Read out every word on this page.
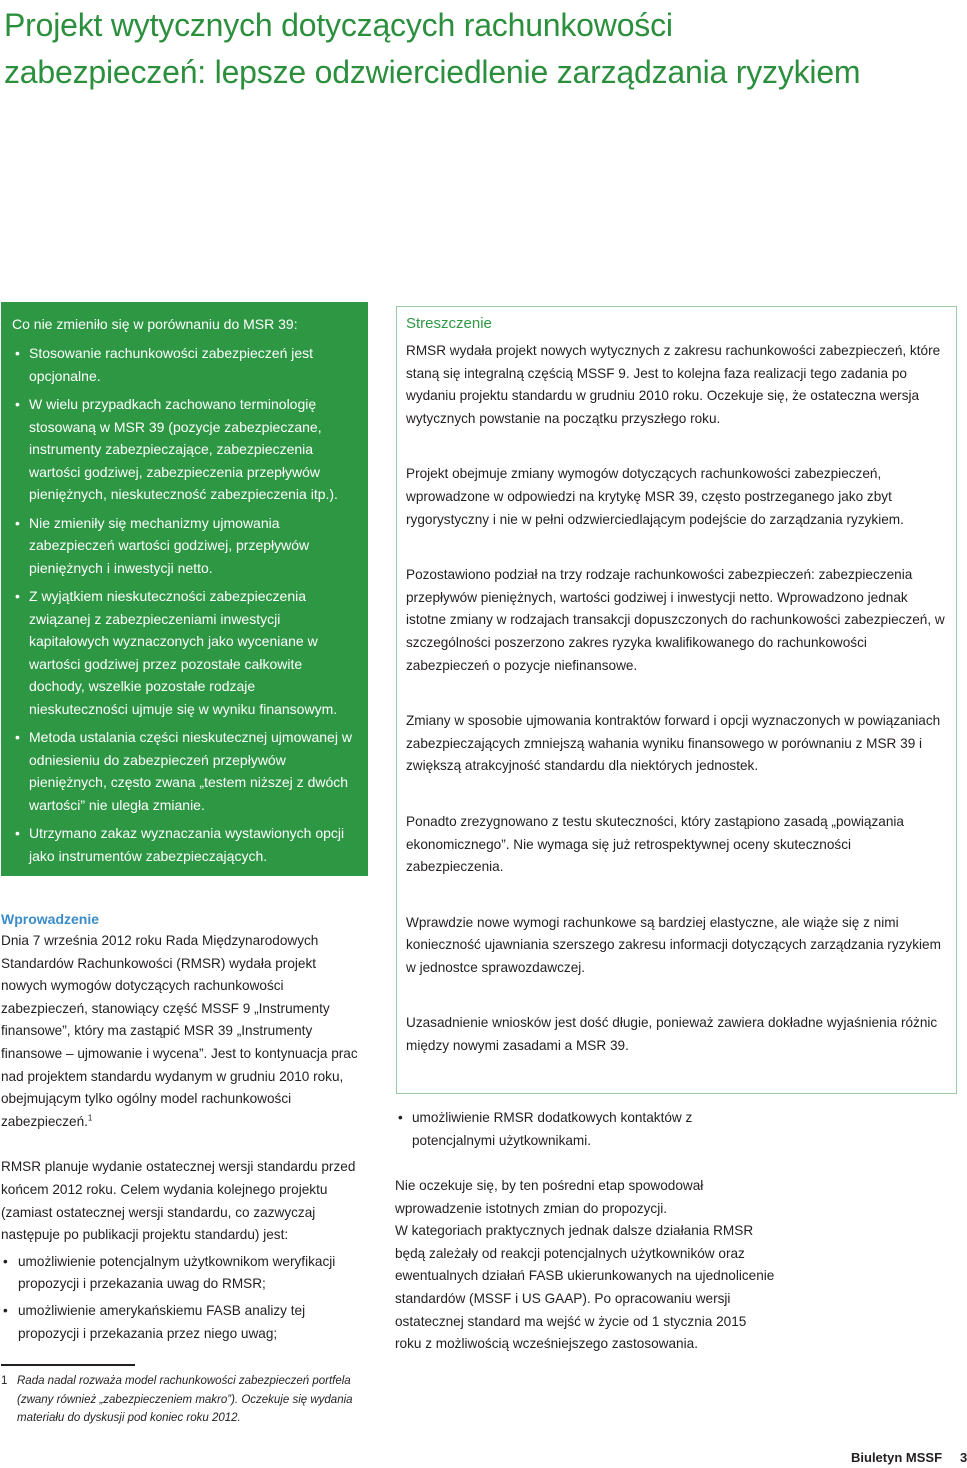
Projekt wytycznych dotyczących rachunkowości
zabezpieczeń: lepsze odzwierciedlenie zarządzania ryzykiem
Co nie zmieniło się w porównaniu do MSR 39:
• Stosowanie rachunkowości zabezpieczeń jest opcjonalne.
• W wielu przypadkach zachowano terminologię stosowaną w MSR 39 (pozycje zabezpieczane, instrumenty zabezpieczające, zabezpieczenia wartości godziwej, zabezpieczenia przepływów pieniężnych, nieskuteczność zabezpieczenia itp.).
• Nie zmieniły się mechanizmy ujmowania zabezpieczeń wartości godziwej, przepływów pieniężnych i inwestycji netto.
• Z wyjątkiem nieskuteczności zabezpieczenia związanej z zabezpieczeniami inwestycji kapitałowych wyznaczonych jako wyceniane w wartości godziwej przez pozostałe całkowite dochody, wszelkie pozostałe rodzaje nieskuteczności ujmuje się w wyniku finansowym.
• Metoda ustalania części nieskutecznej ujmowanej w odniesieniu do zabezpieczeń przepływów pieniężnych, często zwana „testem niższej z dwóch wartości” nie uległa zmianie.
• Utrzymano zakaz wyznaczania wystawionych opcji jako instrumentów zabezpieczających.

Wprowadzenie

Dnia 7 września 2012 roku Rada Międzynarodowych Standardów Rachunkowości (RMSR) wydała projekt nowych wymogów dotyczących rachunkowości zabezpieczeń, stanowiący część MSSF 9 „Instrumenty finansowe”, który ma zastąpić MSR 39 „Instrumenty finansowe – ujmowanie i wycena”. Jest to kontynuacja prac nad projektem standardu wydanym w grudniu 2010 roku, obejmującym tylko ogólny model rachunkowości zabezpieczeń.$^1$

RMSR planuje wydanie ostatecznej wersji standardu przed końcem 2012 roku. Celem wydania kolejnego projektu (zamiast ostatecznej wersji standardu, co zazwyczaj następuje po publikacji projektu standardu) jest:

• umożliwienie potencjalnym użytkownikom weryfikacji propozycji i przekazania uwag do RMSR;
• umożliwienie amerykańskiemu FASB analizy tej propozycji i przekazania przez niego uwag;
1 Rada nadal rozważa model rachunkowości zabezpieczeń portfela (zwany również „zabezpieczeniem makro”). Oczekuje się wydania materiału do dyskusji pod koniec roku 2012.

Streszczenie

RMSR wydała projekt nowych wytycznych z zakresu rachunkowości zabezpieczeń, które staną się integralną częścią MSSF 9. Jest to kolejna faza realizacji tego zadania po wydaniu projektu standardu w grudniu 2010 roku. Oczekuje się, że ostateczna wersja wytycznych powstanie na początku przyszłego roku.

Projekt obejmuje zmiany wymogów dotyczących rachunkowości zabezpieczeń, wprowadzone w odpowiedzi na krytykę MSR 39, często postrzeganego jako zbyt rygorystyczny i nie w pełni odzwierciedlającym podejście do zarządzania ryzykiem.

Pozostawiono podział na trzy rodzaje rachunkowości zabezpieczeń: zabezpieczenia przepływów pieniężnych, wartości godziwej i inwestycji netto. Wprowadzono jednak istotne zmiany w rodzajach transakcji dopuszczonych do rachunkowości zabezpieczeń, w szczególności poszerzono zakres ryzyka kwalifikowanego do rachunkowości zabezpieczeń o pozycje niefinansowe.

Zmiany w sposobie ujmowania kontraktów forward i opcji wyznaczonych w powiązaniach zabezpieczających zmniejszą wahania wyniku finansowego w porównaniu z MSR 39 i zwiększą atrakcyjność standardu dla niektórych jednostek.

Ponadto zrezygnowano z testu skuteczności, który zastąpiono zasadą „powiązania ekonomicznego”. Nie wymaga się już retrospektywnej oceny skuteczności zabezpieczenia.

Wprawdzie nowe wymogi rachunkowe są bardziej elastyczne, ale wiąże się z nimi konieczność ujawniania szerszego zakresu informacji dotyczących zarządzania ryzykiem w jednostce sprawozdawczej.

Uzasadnienie wniosków jest dość długie, ponieważ zawiera dokładne wyjaśnienia różnic między nowymi zasadami a MSR 39.

• umożliwienie RMSR dodatkowych kontaktów z potencjalnymi użytkownikami.

Nie oczekuje się, by ten pośredni etap spowodował wprowadzenie istotnych zmian do propozycji.

W kategoriach praktycznych jednak dalsze działania RMSR będą zależały od reakcji potencjalnych użytkowników oraz ewentualnych działań FASB ukierunkowanych na ujednolicenie standardów (MSSF i US GAAP). Po opracowaniu wersji ostatecznej standard ma wejść w życie od 1 stycznia 2015 roku z możliwością wcześniejszego zastosowania.

Biuletyn MSSF 3
